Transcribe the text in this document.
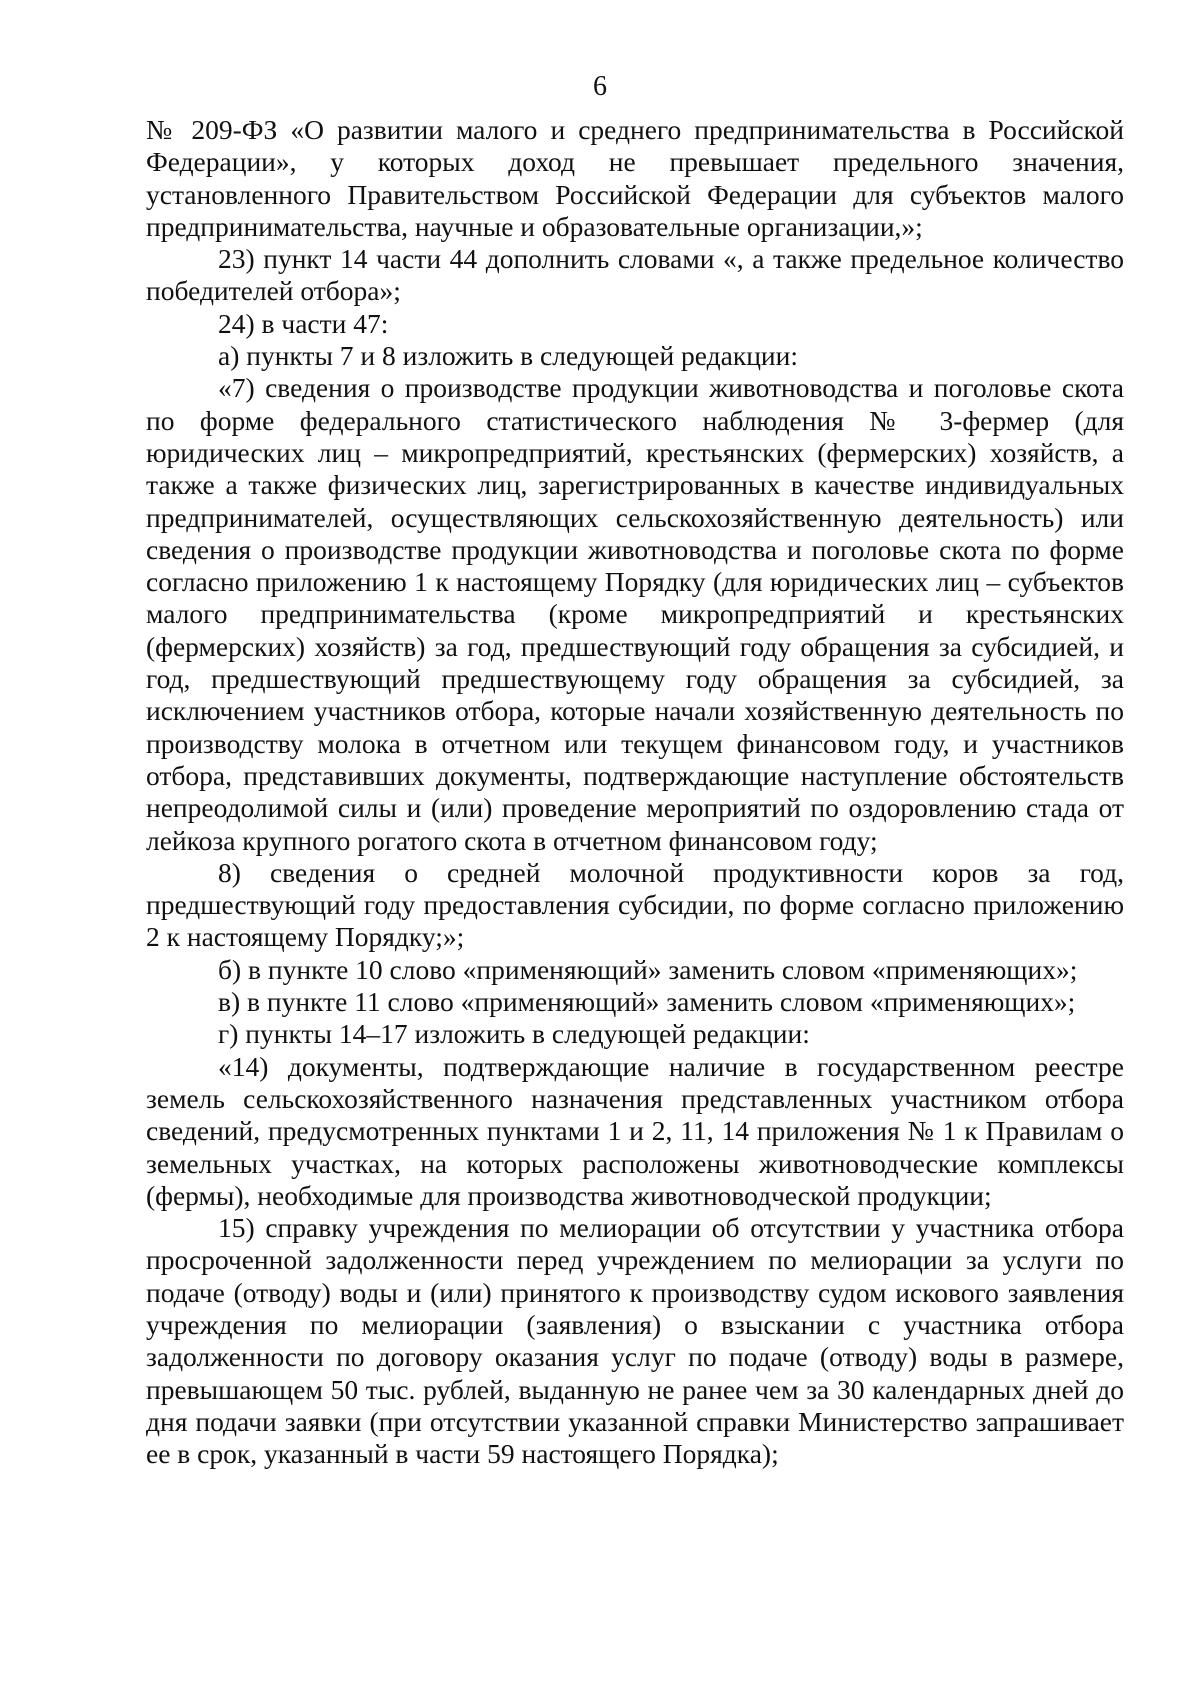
6

№ 209-ФЗ «О развитии малого и среднего предпринимательства в Российской Федерации», у которых доход не превышает предельного значения, установленного Правительством Российской Федерации для субъектов малого предпринимательства, научные и образовательные организации,»;

23) пункт 14 части 44 дополнить словами «, а также предельное количество победителей отбора»;

24) в части 47:

а) пункты 7 и 8 изложить в следующей редакции:

«7) сведения о производстве продукции животноводства и поголовье скота по форме федерального статистического наблюдения № 3-фермер (для юридических лиц – микропредприятий, крестьянских (фермерских) хозяйств, а также а также физических лиц, зарегистрированных в качестве индивидуальных предпринимателей, осуществляющих сельскохозяйственную деятельность) или сведения о производстве продукции животноводства и поголовье скота по форме согласно приложению 1 к настоящему Порядку (для юридических лиц – субъектов малого предпринимательства (кроме микропредприятий и крестьянских (фермерских) хозяйств) за год, предшествующий году обращения за субсидией, и год, предшествующий предшествующему году обращения за субсидией, за исключением участников отбора, которые начали хозяйственную деятельность по производству молока в отчетном или текущем финансовом году, и участников отбора, представивших документы, подтверждающие наступление обстоятельств непреодолимой силы и (или) проведение мероприятий по оздоровлению стада от лейкоза крупного рогатого скота в отчетном финансовом году;

8) сведения о средней молочной продуктивности коров за год, предшествующий году предоставления субсидии, по форме согласно приложению 2 к настоящему Порядку;»;

б) в пункте 10 слово «применяющий» заменить словом «применяющих»;

в) в пункте 11 слово «применяющий» заменить словом «применяющих»;

г) пункты 14–17 изложить в следующей редакции:

«14) документы, подтверждающие наличие в государственном реестре земель сельскохозяйственного назначения представленных участником отбора сведений, предусмотренных пунктами 1 и 2, 11, 14 приложения № 1 к Правилам о земельных участках, на которых расположены животноводческие комплексы (фермы), необходимые для производства животноводческой продукции;

15) справку учреждения по мелиорации об отсутствии у участника отбора просроченной задолженности перед учреждением по мелиорации за услуги по подаче (отводу) воды и (или) принятого к производству судом искового заявления учреждения по мелиорации (заявления) о взыскании с участника отбора задолженности по договору оказания услуг по подаче (отводу) воды в размере, превышающем 50 тыс. рублей, выданную не ранее чем за 30 календарных дней до дня подачи заявки (при отсутствии указанной справки Министерство запрашивает ее в срок, указанный в части 59 настоящего Порядка);
